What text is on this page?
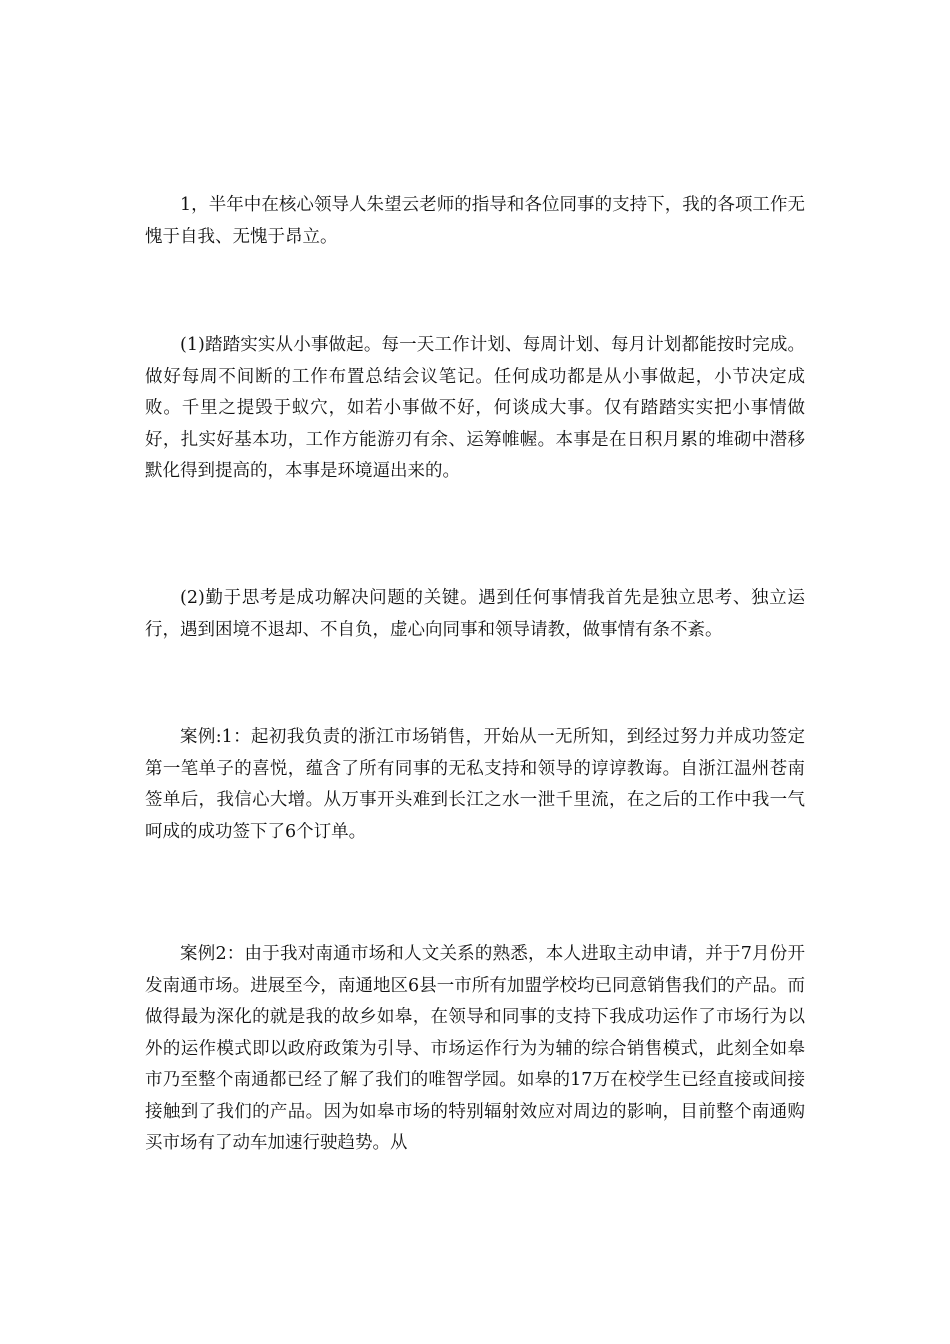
1，半年中在核心领导人朱望云老师的指导和各位同事的支持下，我的各项工作无愧于自我、无愧于昂立。

(1)踏踏实实从小事做起。每一天工作计划、每周计划、每月计划都能按时完成。做好每周不间断的工作布置总结会议笔记。任何成功都是从小事做起，小节决定成败。千里之提毁于蚁穴，如若小事做不好，何谈成大事。仅有踏踏实实把小事情做好，扎实好基本功，工作方能游刃有余、运筹帷幄。本事是在日积月累的堆砌中潜移默化得到提高的，本事是环境逼出来的。

(2)勤于思考是成功解决问题的关键。遇到任何事情我首先是独立思考、独立运行，遇到困境不退却、不自负，虚心向同事和领导请教，做事情有条不紊。

案例:1：起初我负责的浙江市场销售，开始从一无所知，到经过努力并成功签定第一笔单子的喜悦，蕴含了所有同事的无私支持和领导的谆谆教诲。自浙江温州苍南签单后，我信心大增。从万事开头难到长江之水一泄千里流，在之后的工作中我一气呵成的成功签下了6个订单。

案例2：由于我对南通市场和人文关系的熟悉，本人进取主动申请，并于7月份开发南通市场。进展至今，南通地区6县一市所有加盟学校均已同意销售我们的产品。而做得最为深化的就是我的故乡如皋，在领导和同事的支持下我成功运作了市场行为以外的运作模式即以政府政策为引导、市场运作行为为辅的综合销售模式，此刻全如皋市乃至整个南通都已经了解了我们的唯智学园。如皋的17万在校学生已经直接或间接接触到了我们的产品。因为如皋市场的特别辐射效应对周边的影响，目前整个南通购买市场有了动车加速行驶趋势。从
